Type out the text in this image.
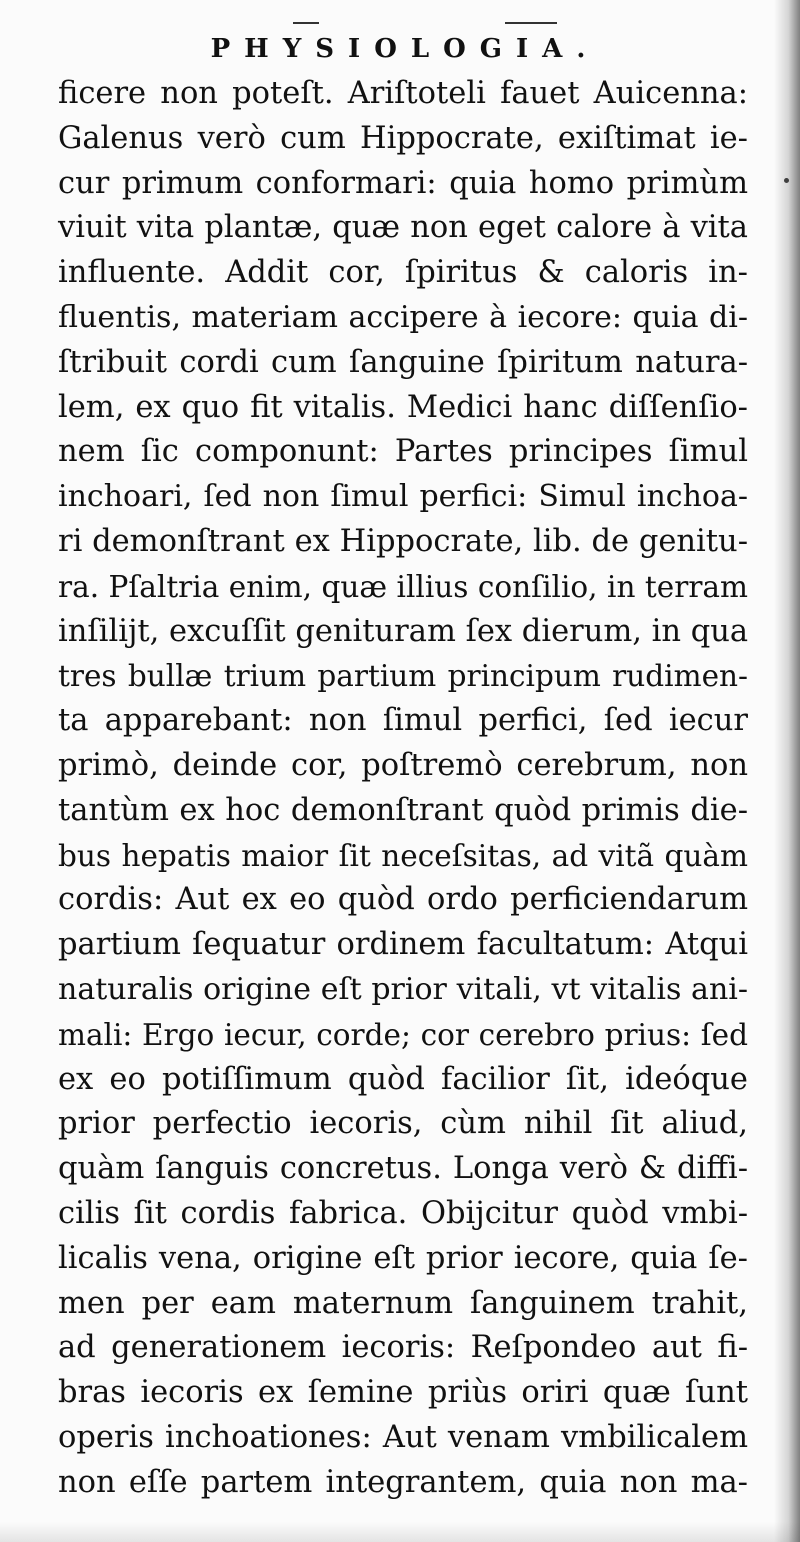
PHYSIOLOGIA.
ficere non poteſt. Ariſtoteli fauet Auicenna:
Galenus verò cum Hippocrate, exiſtimat ie-
cur primum conformari: quia homo primùm
viuit vita plantæ, quæ non eget calore à vita
influente. Addit cor, ſpiritus & caloris in-
fluentis, materiam accipere à iecore: quia di-
ſtribuit cordi cum ſanguine ſpiritum natura-
lem, ex quo fit vitalis. Medici hanc diſſenſio-
nem ſic componunt: Partes principes ſimul
inchoari, ſed non ſimul perfici: Simul inchoa-
ri demonſtrant ex Hippocrate, lib. de genitu-
ra. Pſaltria enim, quæ illius conſilio, in terram
inſilijt, excuſſit genituram ſex dierum, in qua
tres bullæ trium partium principum rudimen-
ta apparebant: non ſimul perfici, ſed iecur
primò, deinde cor, poſtremò cerebrum, non
tantùm ex hoc demonſtrant quòd primis die-
bus hepatis maior ſit neceſsitas, ad vitã quàm
cordis: Aut ex eo quòd ordo perficiendarum
partium ſequatur ordinem facultatum: Atqui
naturalis origine eſt prior vitali, vt vitalis ani-
mali: Ergo iecur, corde; cor cerebro prius: ſed
ex eo potiſſimum quòd facilior ſit, ideóque
prior perfectio iecoris, cùm nihil ſit aliud,
quàm ſanguis concretus. Longa verò & diffi-
cilis ſit cordis fabrica. Obijcitur quòd vmbi-
licalis vena, origine eſt prior iecore, quia ſe-
men per eam maternum ſanguinem trahit,
ad generationem iecoris: Reſpondeo aut fi-
bras iecoris ex ſemine priùs oriri quæ ſunt
operis inchoationes: Aut venam vmbilicalem
non eſſe partem integrantem, quia non ma-
